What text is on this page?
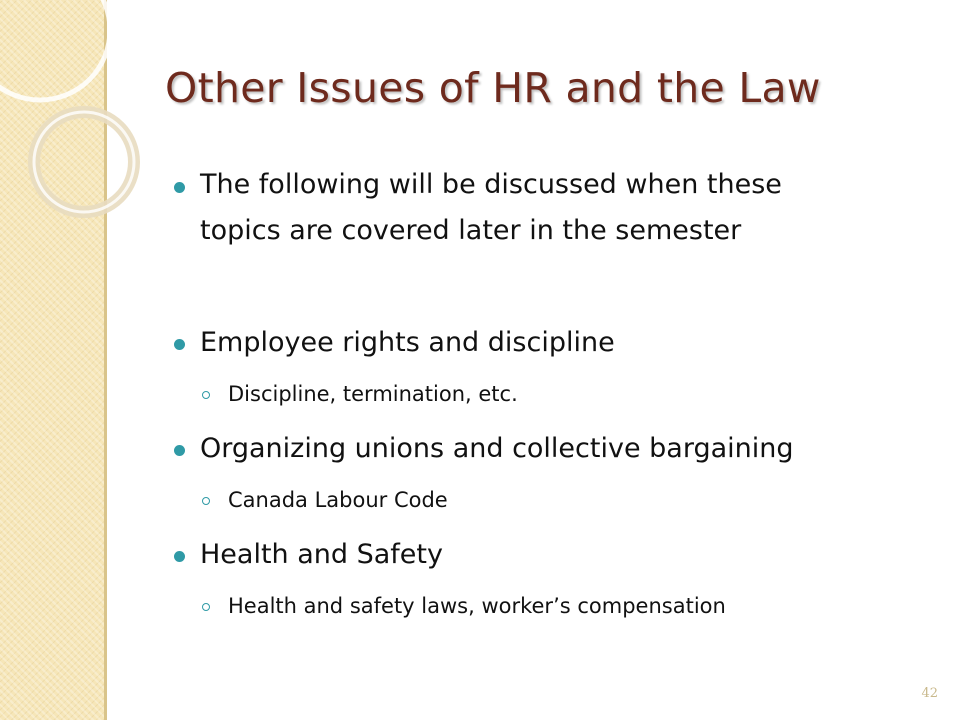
Other Issues of HR and the Law
The following will be discussed when these
topics are covered later in the semester
Employee rights and discipline
Discipline, termination, etc.
Organizing unions and collective bargaining
Canada Labour Code
Health and Safety
Health and safety laws, worker’s compensation
42
